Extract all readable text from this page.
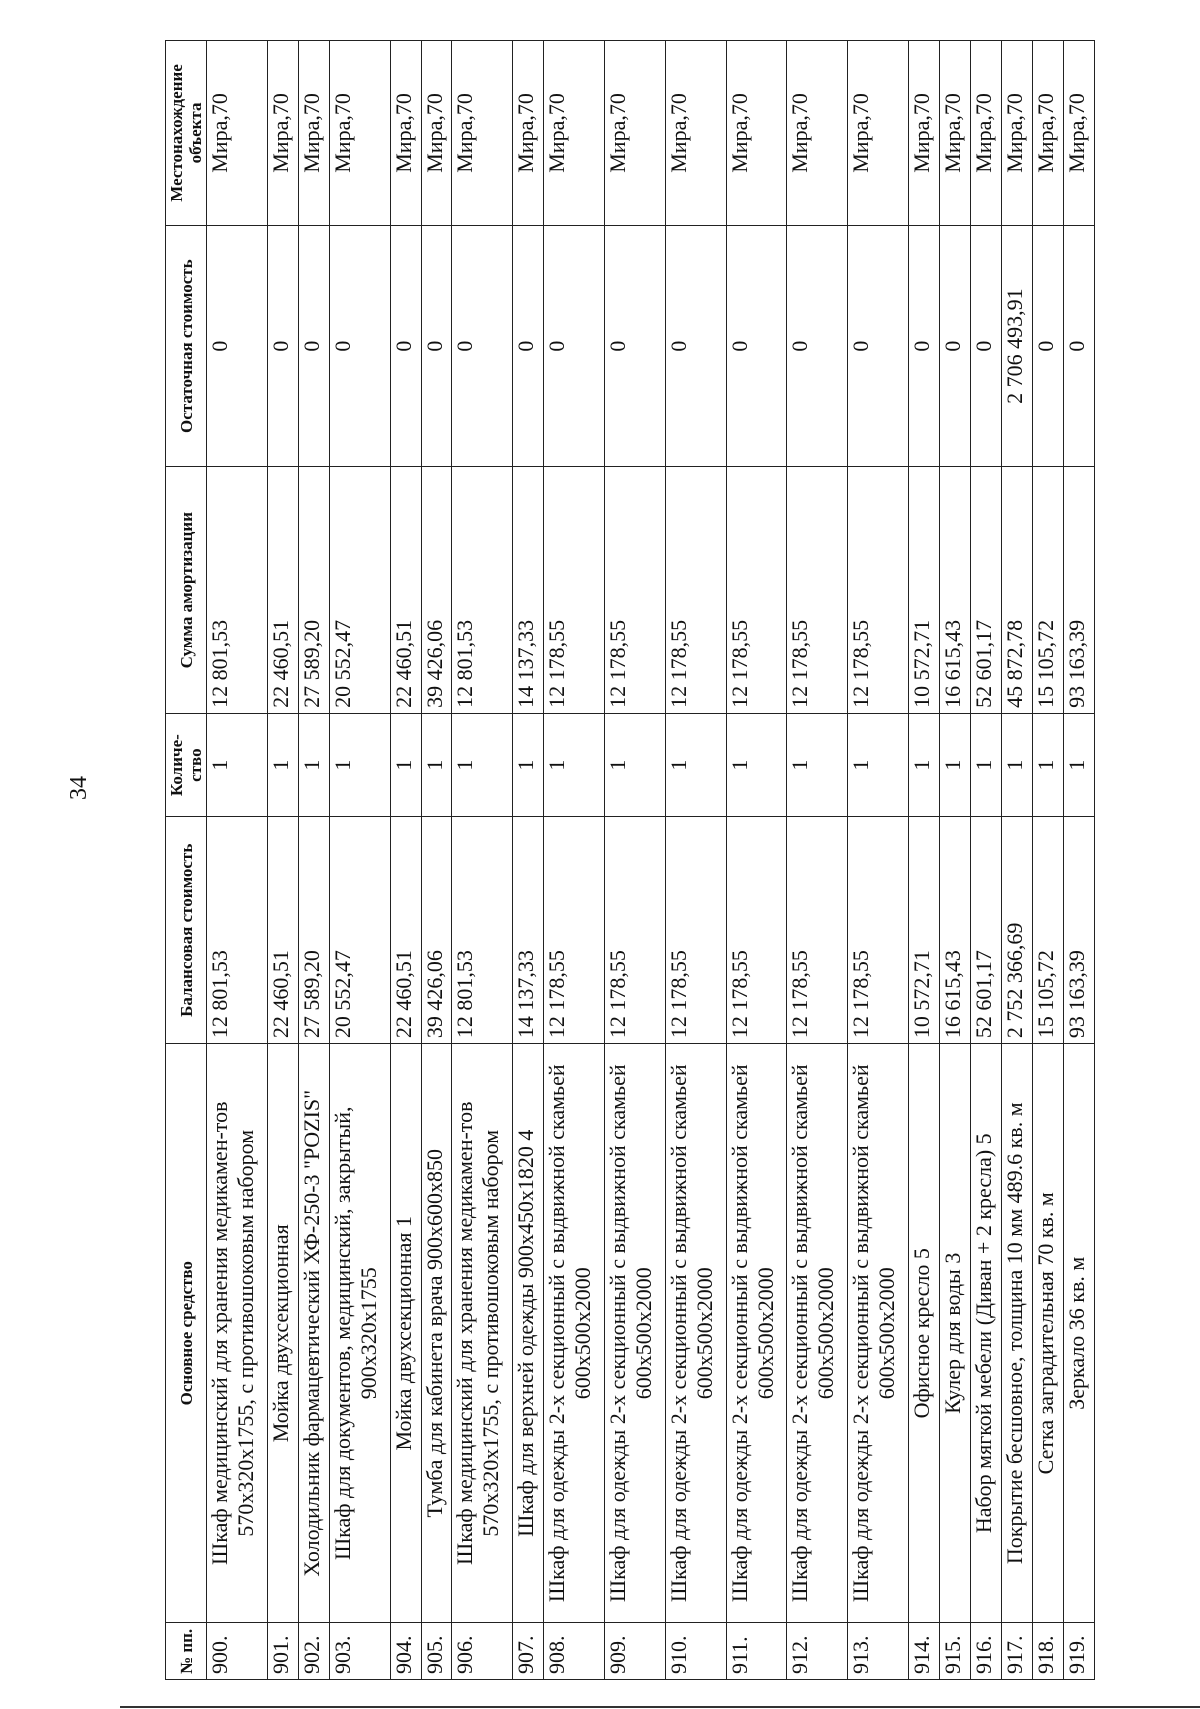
34
№ пп.	Основное средство	Балансовая стоимость	Количе-ство	Сумма амортизации	Остаточная стоимость	Местонахождение объекта
900.	Шкаф медицинский для хранения медикамен-тов 570x320x1755, с противошоковым набором	12 801,53	1	12 801,53	0	Мира,70
901.	Мойка двухсекционная	22 460,51	1	22 460,51	0	Мира,70
902.	Холодильник фармацевтический ХФ-250-3 "POZIS"	27 589,20	1	27 589,20	0	Мира,70
903.	Шкаф для документов, медицинский, закрытый, 900x320x1755	20 552,47	1	20 552,47	0	Мира,70
904.	Мойка двухсекционная 1	22 460,51	1	22 460,51	0	Мира,70
905.	Тумба для кабинета врача 900x600x850	39 426,06	1	39 426,06	0	Мира,70
906.	Шкаф медицинский для хранения медикамен-тов 570x320x1755, с противошоковым набором	12 801,53	1	12 801,53	0	Мира,70
907.	Шкаф для верхней одежды 900x450x1820 4	14 137,33	1	14 137,33	0	Мира,70
908.	Шкаф для одежды 2-х секционный с выдвижной скамьей 600x500x2000	12 178,55	1	12 178,55	0	Мира,70
909.	Шкаф для одежды 2-х секционный с выдвижной скамьей 600x500x2000	12 178,55	1	12 178,55	0	Мира,70
910.	Шкаф для одежды 2-х секционный с выдвижной скамьей 600x500x2000	12 178,55	1	12 178,55	0	Мира,70
911.	Шкаф для одежды 2-х секционный с выдвижной скамьей 600x500x2000	12 178,55	1	12 178,55	0	Мира,70
912.	Шкаф для одежды 2-х секционный с выдвижной скамьей 600x500x2000	12 178,55	1	12 178,55	0	Мира,70
913.	Шкаф для одежды 2-х секционный с выдвижной скамьей 600x500x2000	12 178,55	1	12 178,55	0	Мира,70
914.	Офисное кресло 5	10 572,71	1	10 572,71	0	Мира,70
915.	Кулер для воды 3	16 615,43	1	16 615,43	0	Мира,70
916.	Набор мягкой мебели (Диван + 2 кресла) 5	52 601,17	1	52 601,17	0	Мира,70
917.	Покрытие бесшовное, толщина 10 мм 489.6 кв. м	2 752 366,69	1	45 872,78	2 706 493,91	Мира,70
918.	Сетка заградительная 70 кв. м	15 105,72	1	15 105,72	0	Мира,70
919.	Зеркало 36 кв. м	93 163,39	1	93 163,39	0	Мира,70
